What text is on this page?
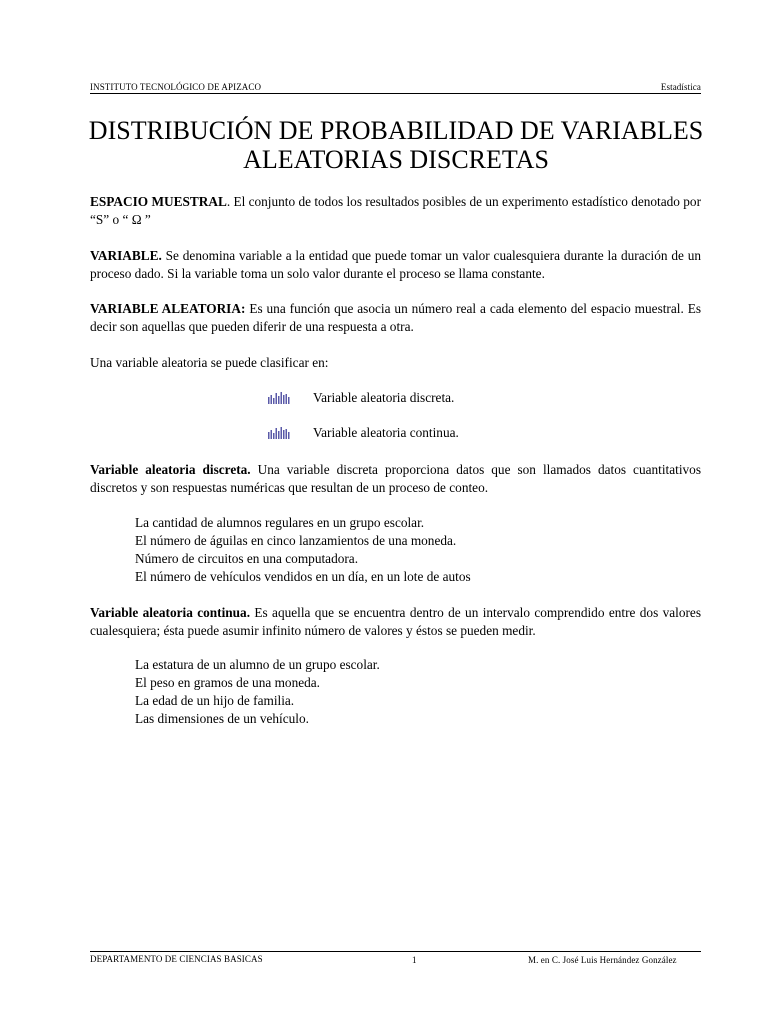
INSTITUTO TECNOLÓGICO DE APIZACO	Estadística
DISTRIBUCIÓN DE PROBABILIDAD DE VARIABLES
ALEATORIAS DISCRETAS
ESPACIO MUESTRAL. El conjunto de todos los resultados posibles de un experimento estadístico denotado por “S” o “ Ω ”
VARIABLE. Se denomina variable a la entidad que puede tomar un valor cualesquiera durante la duración de un proceso dado. Si la variable toma un solo valor durante el proceso se llama constante.
VARIABLE ALEATORIA: Es una función que asocia un número real a cada elemento del espacio muestral. Es decir son aquellas que pueden diferir de una respuesta a otra.
Una variable aleatoria se puede clasificar en:
Variable aleatoria discreta.
Variable aleatoria continua.
Variable aleatoria discreta. Una variable discreta proporciona datos que son llamados datos cuantitativos discretos y son respuestas numéricas que resultan de un proceso de conteo.
La cantidad de alumnos regulares en un grupo escolar.
El número de águilas en cinco lanzamientos de una moneda.
Número de circuitos en una computadora.
El número de vehículos vendidos en un día, en un lote de autos
Variable aleatoria continua. Es aquella que se encuentra dentro de un intervalo comprendido entre dos valores cualesquiera; ésta puede asumir infinito número de valores y éstos se pueden medir.
La estatura de un alumno de un grupo escolar.
El peso en gramos de una moneda.
La edad de un hijo de familia.
Las dimensiones de un vehículo.
DEPARTAMENTO DE CIENCIAS BASICAS	1	M. en C. José Luis Hernández González
